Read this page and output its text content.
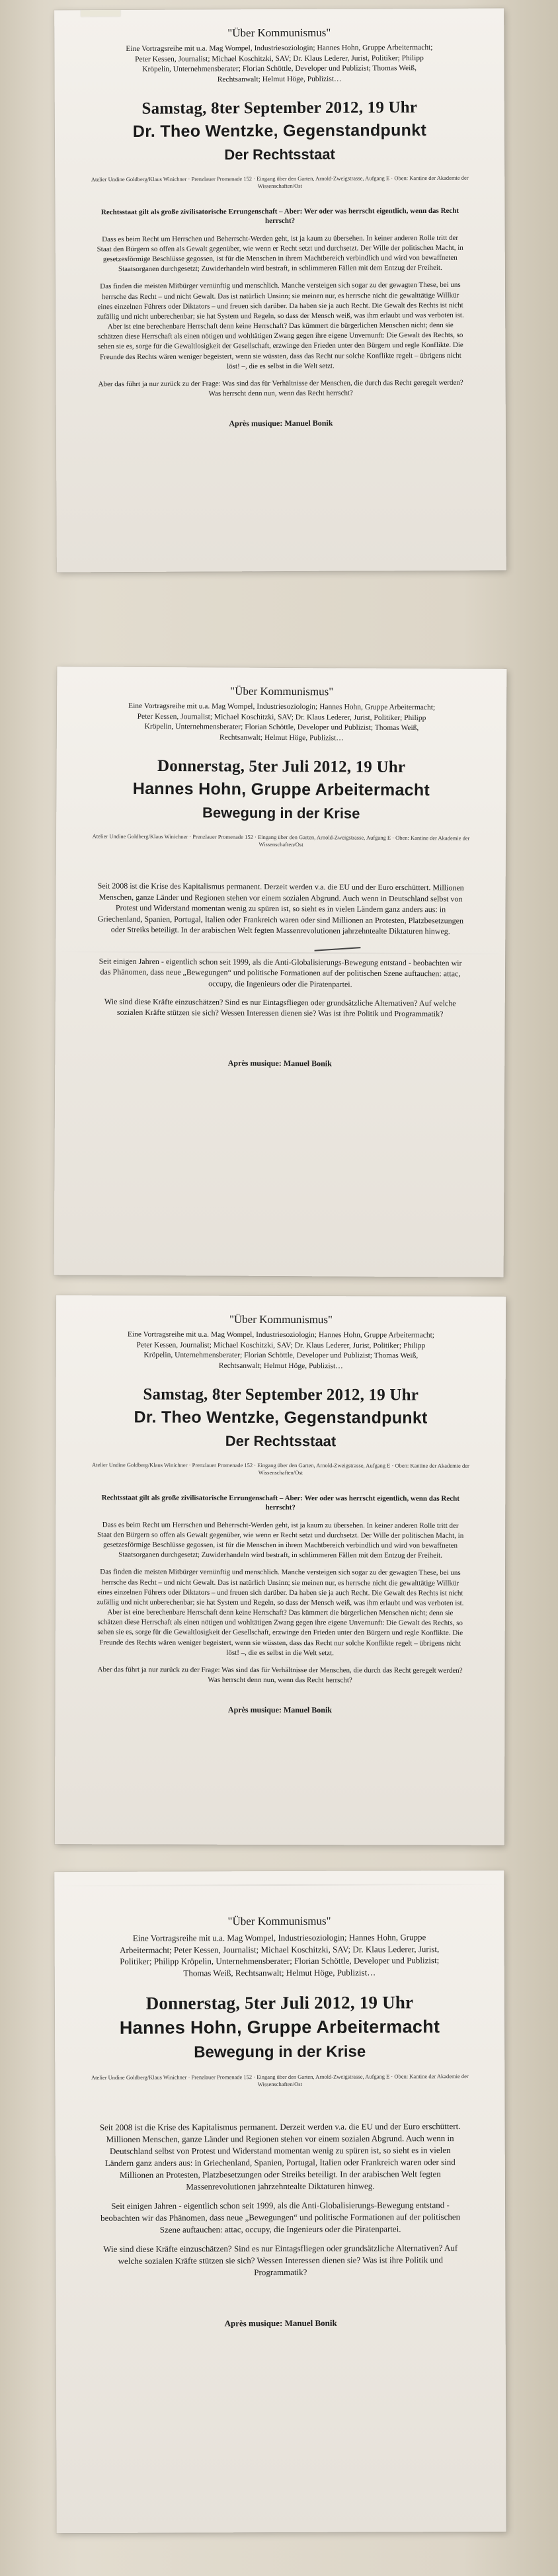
"Über Kommunismus"

Eine Vortragsreihe mit u.a. Mag Wompel, Industriesoziologin; Hannes Hohn, Gruppe Arbeitermacht; Peter Kessen, Journalist; Michael Koschitzki, SAV; Dr. Klaus Lederer, Jurist, Politiker; Philipp Kröpelin, Unternehmensberater; Florian Schöttle, Developer und Publizist; Thomas Weiß, Rechtsanwalt; Helmut Höge, Publizist…

Samstag, 8ter September 2012, 19 Uhr

Dr. Theo Wentzke, Gegenstandpunkt

Der Rechtsstaat

Atelier Undine Goldberg/Klaus Winichner · Prenzlauer Promenade 152 · Eingang über den Garten, Arnold-Zweigstrasse, Aufgang E · Oben: Kantine der Akademie der Wissenschaften/Ost

Rechtsstaat gilt als große zivilisatorische Errungenschaft – Aber: Wer oder was herrscht eigentlich, wenn das Recht herrscht?

Dass es beim Recht um Herrschen und Beherrscht-Werden geht, ist ja kaum zu übersehen. In keiner anderen Rolle tritt der Staat den Bürgern so offen als Gewalt gegenüber, wie wenn er Recht setzt und durchsetzt. Der Wille der politischen Macht, in gesetzesförmige Beschlüsse gegossen, ist für die Menschen in ihrem Machtbereich verbindlich und wird von bewaffneten Staatsorganen durchgesetzt; Zuwiderhandeln wird bestraft, in schlimmeren Fällen mit dem Entzug der Freiheit.

Das finden die meisten Mitbürger vernünftig und menschlich. Manche versteigen sich sogar zu der gewagten These, bei uns herrsche das Recht – und nicht Gewalt. Das ist natürlich Unsinn; sie meinen nur, es herrsche nicht die gewalttätige Willkür eines einzelnen Führers oder Diktators – und freuen sich darüber. Da haben sie ja auch Recht. Die Gewalt des Rechts ist nicht zufällig und nicht unberechenbar; sie hat System und Regeln, so dass der Mensch weiß, was ihm erlaubt und was verboten ist. Aber ist eine berechenbare Herrschaft denn keine Herrschaft? Das kümmert die bürgerlichen Menschen nicht; denn sie schätzen diese Herrschaft als einen nötigen und wohltätigen Zwang gegen ihre eigene Unvernunft: Die Gewalt des Rechts, so sehen sie es, sorge für die Gewaltlosigkeit der Gesellschaft, erzwinge den Frieden unter den Bürgern und regle Konflikte. Die Freunde des Rechts wären weniger begeistert, wenn sie wüssten, dass das Recht nur solche Konflikte regelt – übrigens nicht löst! –, die es selbst in die Welt setzt.

Aber das führt ja nur zurück zu der Frage: Was sind das für Verhältnisse der Menschen, die durch das Recht geregelt werden? Was herrscht denn nun, wenn das Recht herrscht?

Après musique: Manuel Bonik

"Über Kommunismus"

Eine Vortragsreihe mit u.a. Mag Wompel, Industriesoziologin; Hannes Hohn, Gruppe Arbeitermacht; Peter Kessen, Journalist; Michael Koschitzki, SAV; Dr. Klaus Lederer, Jurist, Politiker; Philipp Kröpelin, Unternehmensberater; Florian Schöttle, Developer und Publizist; Thomas Weiß, Rechtsanwalt; Helmut Höge, Publizist…

Donnerstag, 5ter Juli 2012, 19 Uhr

Hannes Hohn, Gruppe Arbeitermacht

Bewegung in der Krise

Atelier Undine Goldberg/Klaus Winichner · Prenzlauer Promenade 152 · Eingang über den Garten, Arnold-Zweigstrasse, Aufgang E · Oben: Kantine der Akademie der Wissenschaften/Ost

Seit 2008 ist die Krise des Kapitalismus permanent. Derzeit werden v.a. die EU und der Euro erschüttert. Millionen Menschen, ganze Länder und Regionen stehen vor einem sozialen Abgrund. Auch wenn in Deutschland selbst von Protest und Widerstand momentan wenig zu spüren ist, so sieht es in vielen Ländern ganz anders aus: in Griechenland, Spanien, Portugal, Italien oder Frankreich waren oder sind Millionen an Protesten, Platzbesetzungen oder Streiks beteiligt. In der arabischen Welt fegten Massenrevolutionen jahrzehntealte Diktaturen hinweg.

Seit einigen Jahren - eigentlich schon seit 1999, als die Anti-Globalisierungs-Bewegung entstand - beobachten wir das Phänomen, dass neue „Bewegungen“ und politische Formationen auf der politischen Szene auftauchen: attac, occupy, die Ingenieurs oder die Piratenpartei.

Wie sind diese Kräfte einzuschätzen? Sind es nur Eintagsfliegen oder grundsätzliche Alternativen? Auf welche sozialen Kräfte stützen sie sich? Wessen Interessen dienen sie? Was ist ihre Politik und Programmatik?

Après musique: Manuel Bonik

"Über Kommunismus"

Eine Vortragsreihe mit u.a. Mag Wompel, Industriesoziologin; Hannes Hohn, Gruppe Arbeitermacht; Peter Kessen, Journalist; Michael Koschitzki, SAV; Dr. Klaus Lederer, Jurist, Politiker; Philipp Kröpelin, Unternehmensberater; Florian Schöttle, Developer und Publizist; Thomas Weiß, Rechtsanwalt; Helmut Höge, Publizist…

Samstag, 8ter September 2012, 19 Uhr

Dr. Theo Wentzke, Gegenstandpunkt

Der Rechtsstaat

Atelier Undine Goldberg/Klaus Winichner · Prenzlauer Promenade 152 · Eingang über den Garten, Arnold-Zweigstrasse, Aufgang E · Oben: Kantine der Akademie der Wissenschaften/Ost

Rechtsstaat gilt als große zivilisatorische Errungenschaft – Aber: Wer oder was herrscht eigentlich, wenn das Recht herrscht?

Dass es beim Recht um Herrschen und Beherrscht-Werden geht, ist ja kaum zu übersehen. In keiner anderen Rolle tritt der Staat den Bürgern so offen als Gewalt gegenüber, wie wenn er Recht setzt und durchsetzt. Der Wille der politischen Macht, in gesetzesförmige Beschlüsse gegossen, ist für die Menschen in ihrem Machtbereich verbindlich und wird von bewaffneten Staatsorganen durchgesetzt; Zuwiderhandeln wird bestraft, in schlimmeren Fällen mit dem Entzug der Freiheit.

Das finden die meisten Mitbürger vernünftig und menschlich. Manche versteigen sich sogar zu der gewagten These, bei uns herrsche das Recht – und nicht Gewalt. Das ist natürlich Unsinn; sie meinen nur, es herrsche nicht die gewalttätige Willkür eines einzelnen Führers oder Diktators – und freuen sich darüber. Da haben sie ja auch Recht. Die Gewalt des Rechts ist nicht zufällig und nicht unberechenbar; sie hat System und Regeln, so dass der Mensch weiß, was ihm erlaubt und was verboten ist. Aber ist eine berechenbare Herrschaft denn keine Herrschaft? Das kümmert die bürgerlichen Menschen nicht; denn sie schätzen diese Herrschaft als einen nötigen und wohltätigen Zwang gegen ihre eigene Unvernunft: Die Gewalt des Rechts, so sehen sie es, sorge für die Gewaltlosigkeit der Gesellschaft, erzwinge den Frieden unter den Bürgern und regle Konflikte. Die Freunde des Rechts wären weniger begeistert, wenn sie wüssten, dass das Recht nur solche Konflikte regelt – übrigens nicht löst! –, die es selbst in die Welt setzt.

Aber das führt ja nur zurück zu der Frage: Was sind das für Verhältnisse der Menschen, die durch das Recht geregelt werden? Was herrscht denn nun, wenn das Recht herrscht?

Après musique: Manuel Bonik

"Über Kommunismus"

Eine Vortragsreihe mit u.a. Mag Wompel, Industriesoziologin; Hannes Hohn, Gruppe Arbeitermacht; Peter Kessen, Journalist; Michael Koschitzki, SAV; Dr. Klaus Lederer, Jurist, Politiker; Philipp Kröpelin, Unternehmensberater; Florian Schöttle, Developer und Publizist; Thomas Weiß, Rechtsanwalt; Helmut Höge, Publizist…

Donnerstag, 5ter Juli 2012, 19 Uhr

Hannes Hohn, Gruppe Arbeitermacht

Bewegung in der Krise

Atelier Undine Goldberg/Klaus Winichner · Prenzlauer Promenade 152 · Eingang über den Garten, Arnold-Zweigstrasse, Aufgang E · Oben: Kantine der Akademie der Wissenschaften/Ost

Seit 2008 ist die Krise des Kapitalismus permanent. Derzeit werden v.a. die EU und der Euro erschüttert. Millionen Menschen, ganze Länder und Regionen stehen vor einem sozialen Abgrund. Auch wenn in Deutschland selbst von Protest und Widerstand momentan wenig zu spüren ist, so sieht es in vielen Ländern ganz anders aus: in Griechenland, Spanien, Portugal, Italien oder Frankreich waren oder sind Millionen an Protesten, Platzbesetzungen oder Streiks beteiligt. In der arabischen Welt fegten Massenrevolutionen jahrzehntealte Diktaturen hinweg.

Seit einigen Jahren - eigentlich schon seit 1999, als die Anti-Globalisierungs-Bewegung entstand - beobachten wir das Phänomen, dass neue „Bewegungen“ und politische Formationen auf der politischen Szene auftauchen: attac, occupy, die Ingenieurs oder die Piratenpartei.

Wie sind diese Kräfte einzuschätzen? Sind es nur Eintagsfliegen oder grundsätzliche Alternativen? Auf welche sozialen Kräfte stützen sie sich? Wessen Interessen dienen sie? Was ist ihre Politik und Programmatik?

Après musique: Manuel Bonik
